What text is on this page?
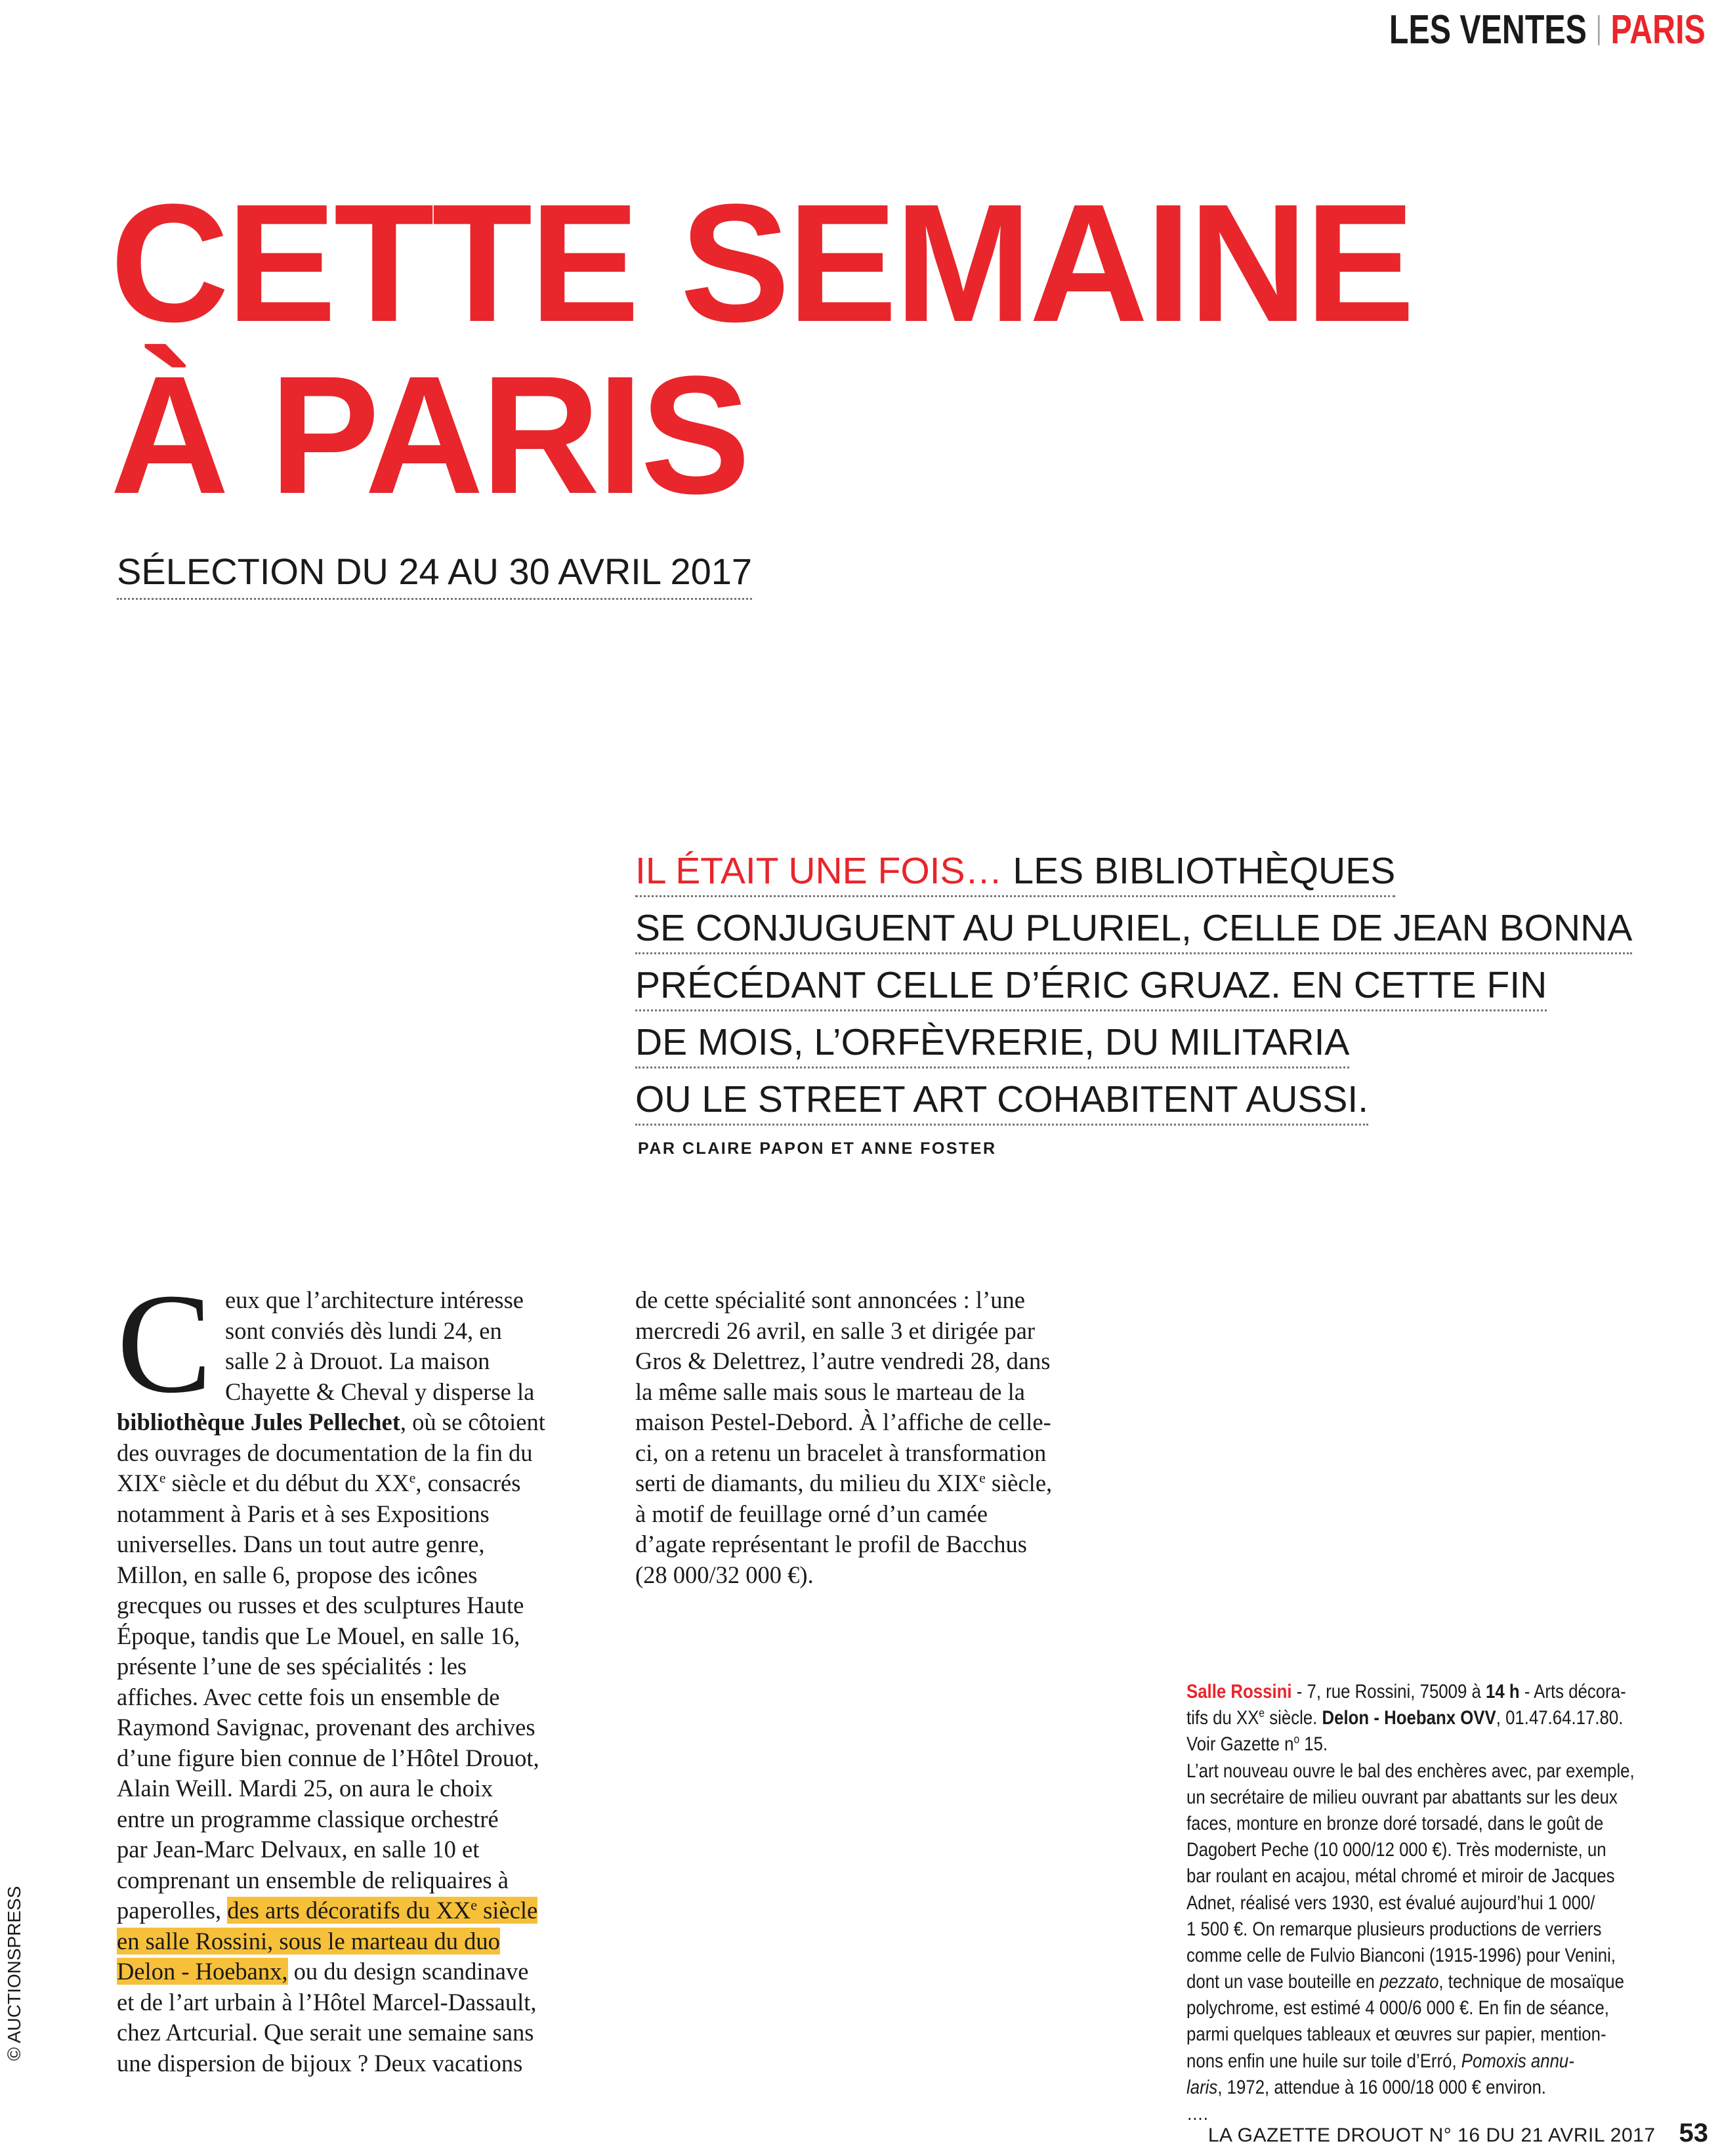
LES VENTES PARIS
CETTE SEMAINE
À PARIS
SÉLECTION DU 24 AU 30 AVRIL 2017
IL ÉTAIT UNE FOIS… LES BIBLIOTHÈQUES
SE CONJUGUENT AU PLURIEL, CELLE DE JEAN BONNA
PRÉCÉDANT CELLE D’ÉRIC GRUAZ. EN CETTE FIN
DE MOIS, L’ORFÈVRERIE, DU MILITARIA
OU LE STREET ART COHABITENT AUSSI.
PAR CLAIRE PAPON ET ANNE FOSTER
C eux que l’architecture intéresse
sont conviés dès lundi 24, en
salle 2 à Drouot. La maison
Chayette & Cheval y disperse la
bibliothèque Jules Pellechet, où se côtoient
des ouvrages de documentation de la fin du
XIXe siècle et du début du XXe, consacrés
notamment à Paris et à ses Expositions
universelles. Dans un tout autre genre,
Millon, en salle 6, propose des icônes
grecques ou russes et des sculptures Haute
Époque, tandis que Le Mouel, en salle 16,
présente l’une de ses spécialités : les
affiches. Avec cette fois un ensemble de
Raymond Savignac, provenant des archives
d’une figure bien connue de l’Hôtel Drouot,
Alain Weill. Mardi 25, on aura le choix
entre un programme classique orchestré
par Jean-Marc Delvaux, en salle 10 et
comprenant un ensemble de reliquaires à
paperolles, des arts décoratifs du XXe siècle
en salle Rossini, sous le marteau du duo
Delon - Hoebanx, ou du design scandinave
et de l’art urbain à l’Hôtel Marcel-Dassault,
chez Artcurial. Que serait une semaine sans
une dispersion de bijoux ? Deux vacations
de cette spécialité sont annoncées : l’une
mercredi 26 avril, en salle 3 et dirigée par
Gros & Delettrez, l’autre vendredi 28, dans
la même salle mais sous le marteau de la
maison Pestel-Debord. À l’affiche de celle-
ci, on a retenu un bracelet à transformation
serti de diamants, du milieu du XIXe siècle,
à motif de feuillage orné d’un camée
d’agate représentant le profil de Bacchus
(28 000/32 000 €).
Salle Rossini - 7, rue Rossini, 75009 à 14 h - Arts décora-
tifs du XXe siècle. Delon - Hoebanx OVV, 01.47.64.17.80.
Voir Gazette $n^o$ 15.
L’art nouveau ouvre le bal des enchères avec, par exemple,
un secrétaire de milieu ouvrant par abattants sur les deux
faces, monture en bronze doré torsadé, dans le goût de
Dagobert Peche (10 000/12 000 €). Très moderniste, un
bar roulant en acajou, métal chromé et miroir de Jacques
Adnet, réalisé vers 1930, est évalué aujourd’hui 1 000/
1 500 €. On remarque plusieurs productions de verriers
comme celle de Fulvio Bianconi (1915-1996) pour Venini,
dont un vase bouteille en pezzato, technique de mosaïque
polychrome, est estimé 4 000/6 000 €. En fin de séance,
parmi quelques tableaux et œuvres sur papier, mention-
nons enfin une huile sur toile d’Erró, Pomoxis annu-
laris, 1972, attendue à 16 000/18 000 € environ.
….
© AUCTIONSPRESS
LA GAZETTE DROUOT N° 16 DU 21 AVRIL 2017 53
